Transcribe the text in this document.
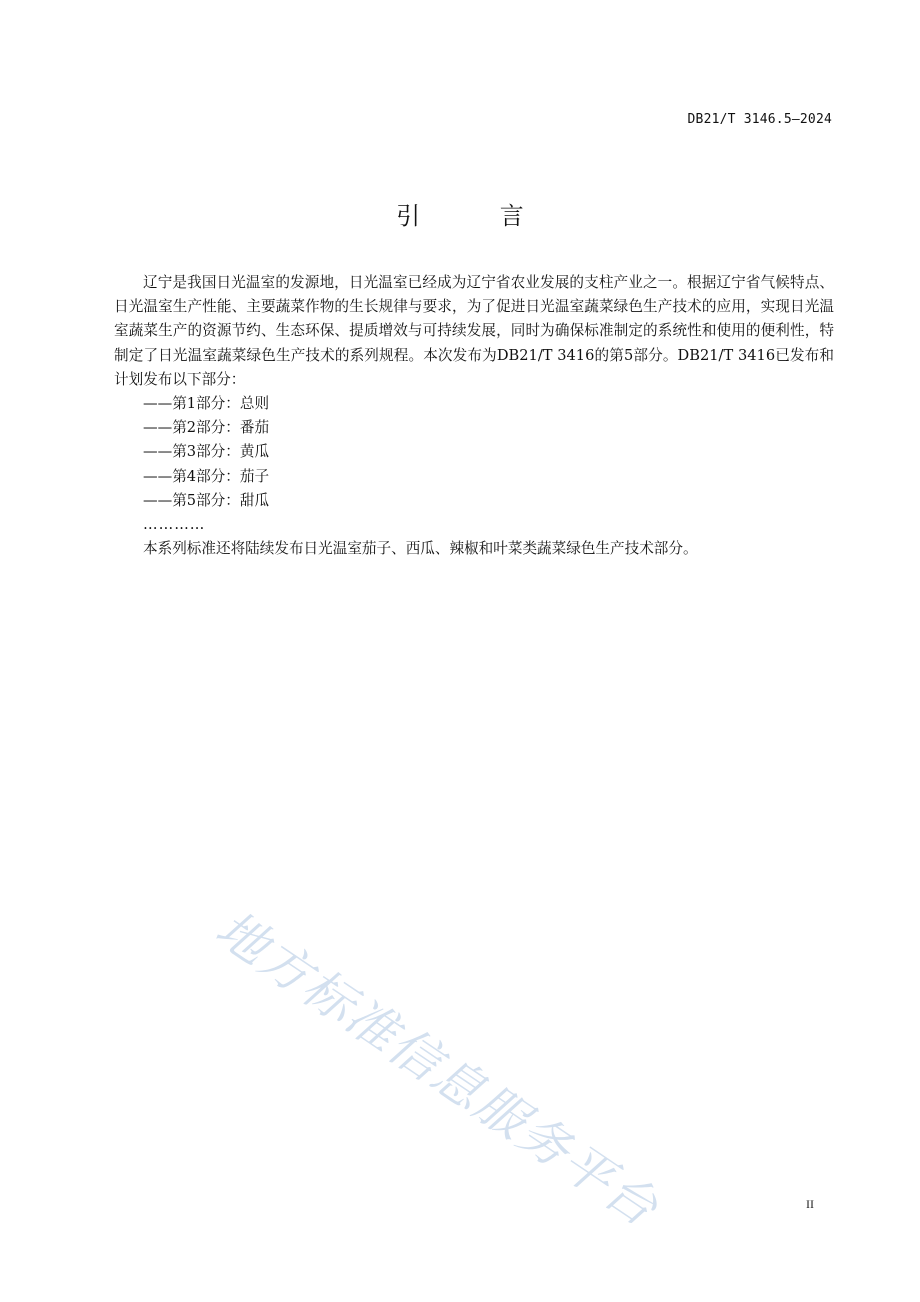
DB21/T 3146.5—2024
引 言

辽宁是我国日光温室的发源地，日光温室已经成为辽宁省农业发展的支柱产业之一。根据辽宁省气候特点、日光温室生产性能、主要蔬菜作物的生长规律与要求，为了促进日光温室蔬菜绿色生产技术的应用，实现日光温室蔬菜生产的资源节约、生态环保、提质增效与可持续发展，同时为确保标准制定的系统性和使用的便利性，特制定了日光温室蔬菜绿色生产技术的系列规程。本次发布为DB21/T 3416的第5部分。DB21/T 3416已发布和计划发布以下部分：

——第1部分：总则

——第2部分：番茄

——第3部分：黄瓜

——第4部分：茄子

——第5部分：甜瓜

…………

本系列标准还将陆续发布日光温室茄子、西瓜、辣椒和叶菜类蔬菜绿色生产技术部分。

地方标准信息服务平台	II
